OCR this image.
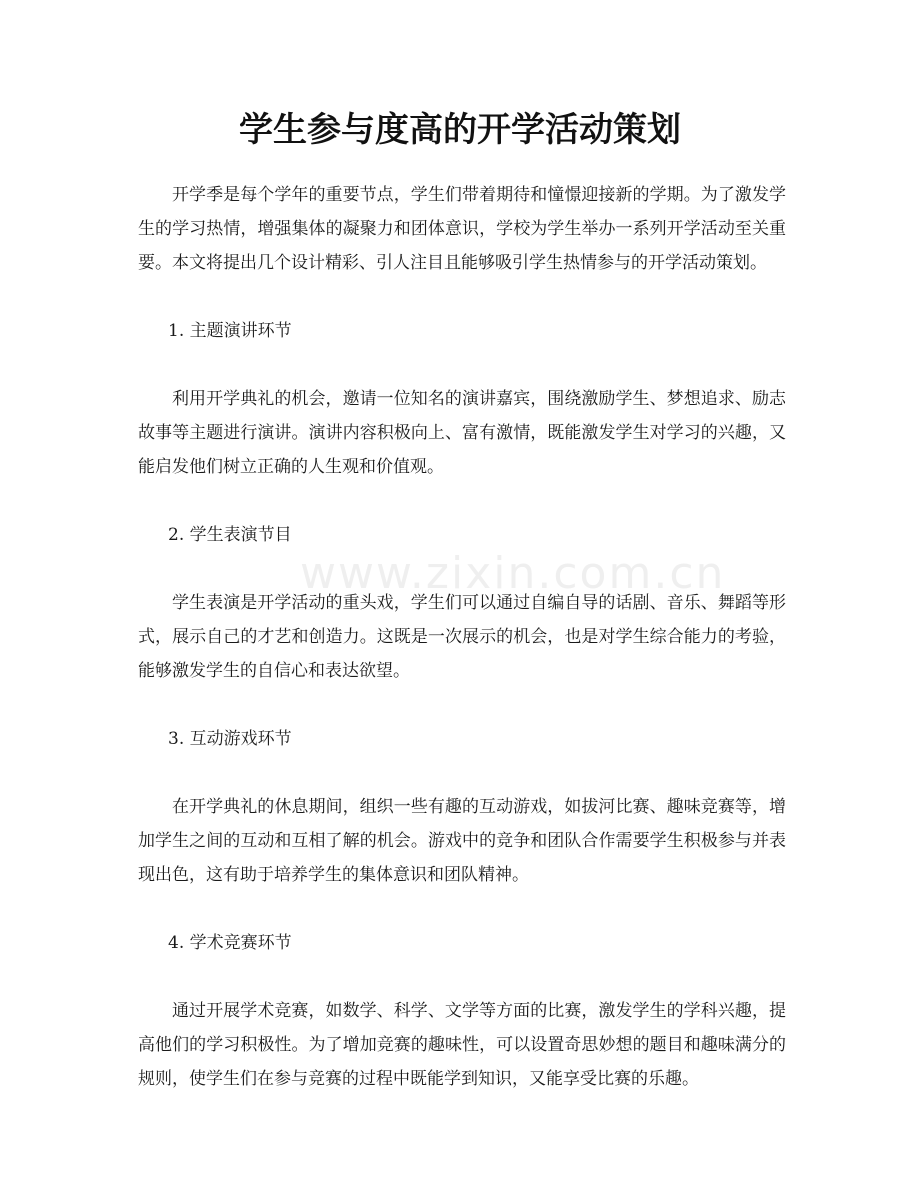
学生参与度高的开学活动策划
www.zixin.com.cn

开学季是每个学年的重要节点，学生们带着期待和憧憬迎接新的学期。为了激发学生的学习热情，增强集体的凝聚力和团体意识，学校为学生举办一系列开学活动至关重要。本文将提出几个设计精彩、引人注目且能够吸引学生热情参与的开学活动策划。

1. 主题演讲环节

利用开学典礼的机会，邀请一位知名的演讲嘉宾，围绕激励学生、梦想追求、励志故事等主题进行演讲。演讲内容积极向上、富有激情，既能激发学生对学习的兴趣，又能启发他们树立正确的人生观和价值观。

2. 学生表演节目

学生表演是开学活动的重头戏，学生们可以通过自编自导的话剧、音乐、舞蹈等形式，展示自己的才艺和创造力。这既是一次展示的机会，也是对学生综合能力的考验，能够激发学生的自信心和表达欲望。

3. 互动游戏环节

在开学典礼的休息期间，组织一些有趣的互动游戏，如拔河比赛、趣味竞赛等，增加学生之间的互动和互相了解的机会。游戏中的竞争和团队合作需要学生积极参与并表现出色，这有助于培养学生的集体意识和团队精神。

4. 学术竞赛环节

通过开展学术竞赛，如数学、科学、文学等方面的比赛，激发学生的学科兴趣，提高他们的学习积极性。为了增加竞赛的趣味性，可以设置奇思妙想的题目和趣味满分的规则，使学生们在参与竞赛的过程中既能学到知识，又能享受比赛的乐趣。
